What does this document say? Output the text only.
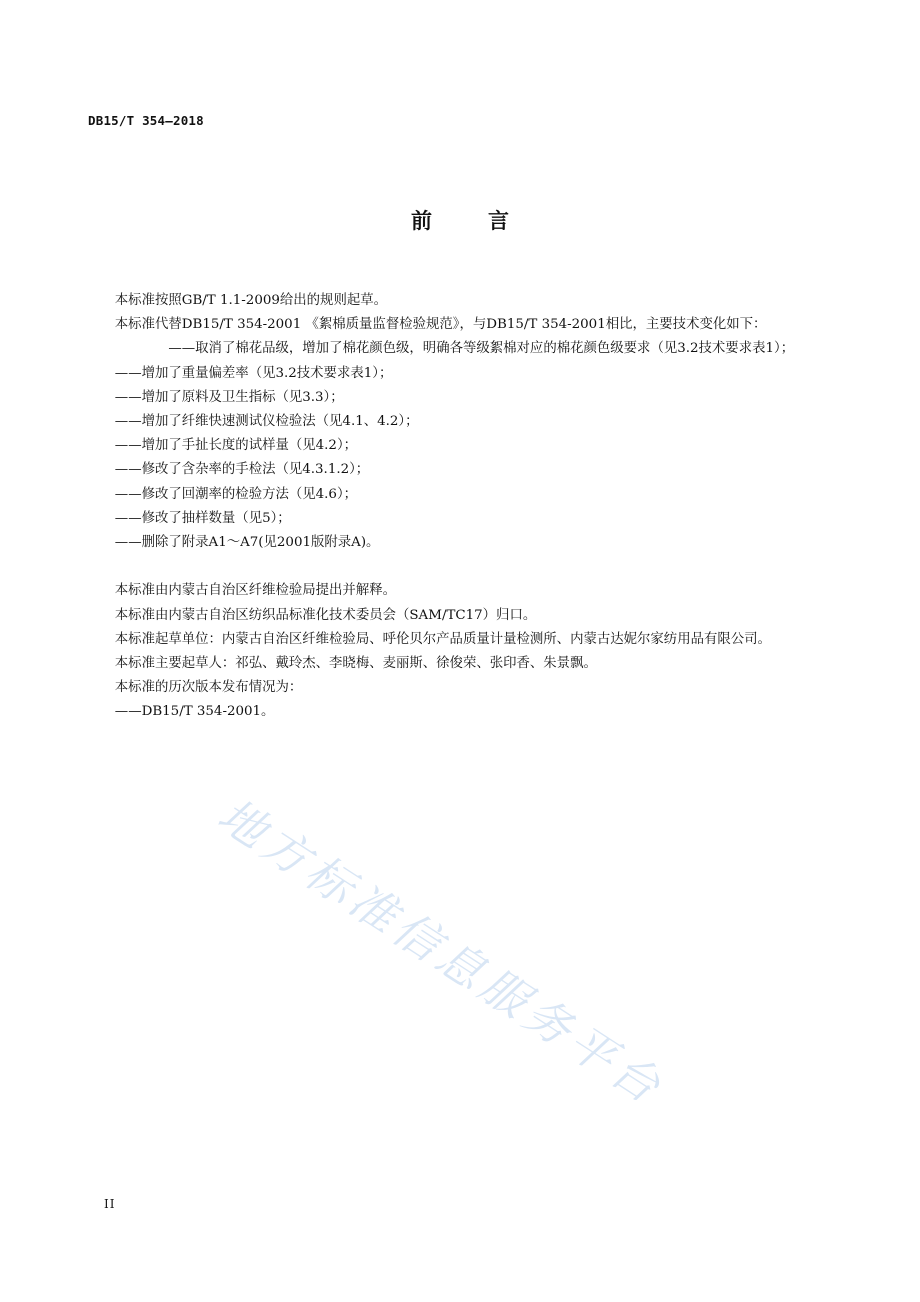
DB15/T 354—2018
前	言

本标准按照GB/T 1.1-2009给出的规则起草。

本标准代替DB15/T 354-2001 《絮棉质量监督检验规范》，与DB15/T 354-2001相比，主要技术变化如下：

——取消了棉花品级，增加了棉花颜色级，明确各等级絮棉对应的棉花颜色级要求（见3.2技术要求表1）；

——增加了重量偏差率（见3.2技术要求表1）；

——增加了原料及卫生指标（见3.3）；

——增加了纤维快速测试仪检验法（见4.1、4.2）；

——增加了手扯长度的试样量（见4.2）；

——修改了含杂率的手检法（见4.3.1.2）；

——修改了回潮率的检验方法（见4.6）；

——修改了抽样数量（见5）；

——删除了附录A1～A7(见2001版附录A)。

本标准由内蒙古自治区纤维检验局提出并解释。

本标准由内蒙古自治区纺织品标准化技术委员会（SAM/TC17）归口。

本标准起草单位：内蒙古自治区纤维检验局、呼伦贝尔产品质量计量检测所、内蒙古达妮尔家纺用品有限公司。

本标准主要起草人：祁弘、戴玲杰、李晓梅、麦丽斯、徐俊荣、张印香、朱景飘。

本标准的历次版本发布情况为：

——DB15/T 354-2001。

地方标准信息服务平台
II
